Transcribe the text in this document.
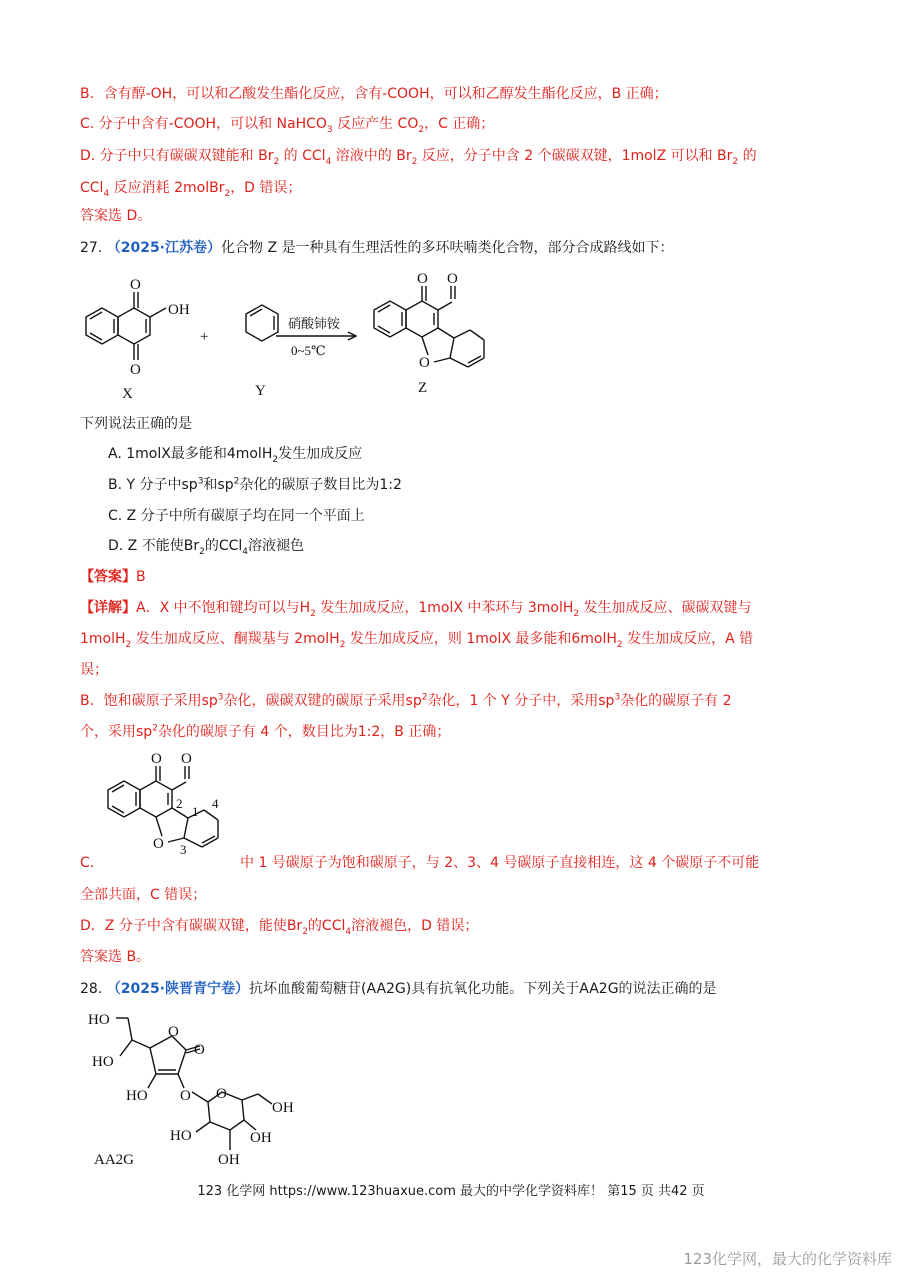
B．含有醇-OH，可以和乙酸发生酯化反应，含有-COOH，可以和乙醇发生酯化反应，B 正确；
C. 分子中含有-COOH，可以和 NaHCO$_3$ 反应产生 $CO_2$，C 正确；
D. 分子中只有碳碳双键能和 $Br_2$ 的 CCl$_4$ 溶液中的 $Br_2$ 反应，分子中含 2 个碳碳双键，1molZ 可以和 $Br_2$ 的
CCl$_4$ 反应消耗 2molBr$_2$，D 错误；
答案选 D。
27. （2025·江苏卷）化合物 Z 是一种具有生理活性的多环呋喃类化合物，部分合成路线如下：
O
O
OH
X
+
Y
硝酸铈铵
0~5℃
O O
O
Z
下列说法正确的是
A. 1molX最多能和4molH$_2$发生加成反应
B. Y 分子中$sp^3$和$sp^2$杂化的碳原子数目比为1:2
C. Z 分子中所有碳原子均在同一个平面上
D. Z 不能使$Br_2$的CCl$_4$溶液褪色
【答案】B
【详解】A．X 中不饱和键均可以与$H_2$ 发生加成反应，1molX 中苯环与 3molH$_2$ 发生加成反应、碳碳双键与
1molH$_2$ 发生加成反应、酮羰基与 2molH$_2$ 发生加成反应，则 1molX 最多能和6molH$_2$ 发生加成反应，A 错
误；
B．饱和碳原子采用$sp^3$杂化，碳碳双键的碳原子采用$sp^2$杂化，1 个 Y 分子中，采用$sp^3$杂化的碳原子有 2
个，采用$sp^2$杂化的碳原子有 4 个，数目比为1:2，B 正确；
O O
O
1
2
3
4
C.	中 1 号碳原子为饱和碳原子，与 2、3、4 号碳原子直接相连，这 4 个碳原子不可能
全部共面，C 错误；
D．Z 分子中含有碳碳双键，能使$Br_2$的CCl$_4$溶液褪色，D 错误；
答案选 B。
28. （2025·陕晋青宁卷）抗坏血酸葡萄糖苷(AA2G)具有抗氧化功能。下列关于AA2G的说法正确的是
HO
HO
O
O
HO O O
OH
HO
OH
OH
AA2G
123 化学网 https://www.123huaxue.com 最大的中学化学资料库！ 第15 页 共42 页
123化学网，最大的化学资料库
